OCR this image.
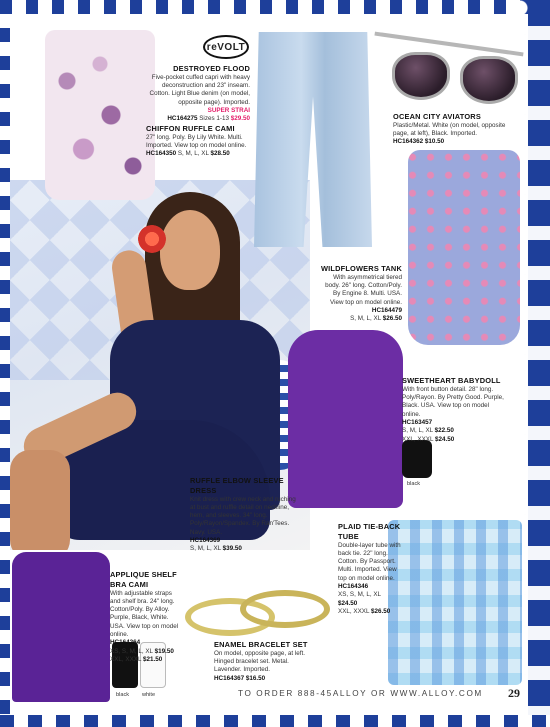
reVOLT
DESTROYED FLOOD
Five-pocket cuffed capri with heavy deconstruction and 23" inseam. Cotton. Light Blue denim (on model, opposite page). Imported.
SUPER STRAI
HC164275 Sizes 1-13 $29.50
CHIFFON RUFFLE CAMI
27" long. Poly. By Lily White. Multi. Imported. View top on model online.
HC164350 S, M, L, XL $28.50
OCEAN CITY AVIATORS
Plastic/Metal. White (on model, opposite page, at left), Black. Imported.
HC164362 $10.50
WILDFLOWERS TANK
With asymmetrical tiered body. 26" long. Cotton/Poly. By Engine 8. Multi. USA. View top on model online.
HC164479
S, M, L, XL $26.50
SWEETHEART BABYDOLL
With front button detail. 28" long. Poly/Rayon. By Pretty Good. Purple, Black. USA. View top on model online.
HC163457
S, M, L, XL $22.50
XXL, XXXL $24.50
black
RUFFLE ELBOW SLEEVE DRESS
Knit dress with crew neck and ruching at bust and ruffle detail on neckline, hem, and sleeves. 34" long. Poly/Rayon/Spandex. By Ran'Tees. Navy. USA.
HC164369
S, M, L, XL $39.50
PLAID TIE-BACK TUBE
Double-layer tube with back tie. 22" long. Cotton. By Passport. Multi. Imported. View top on model online.
HC164346
XS, S, M, L, XL
$24.50
XXL, XXXL $26.50
APPLIQUE SHELF BRA CAMI
With adjustable straps and shelf bra. 24" long. Cotton/Poly. By Alloy. Purple, Black, White. USA. View top on model online.
HC164264
XS, S, M, L, XL $19.50
XXL, XXXL $21.50
black white
ENAMEL BRACELET SET
On model, opposite page, at left. Hinged bracelet set. Metal. Lavender. Imported.
HC164367 $16.50
TO ORDER 888-45ALLOY OR WWW.ALLOY.COM 29
